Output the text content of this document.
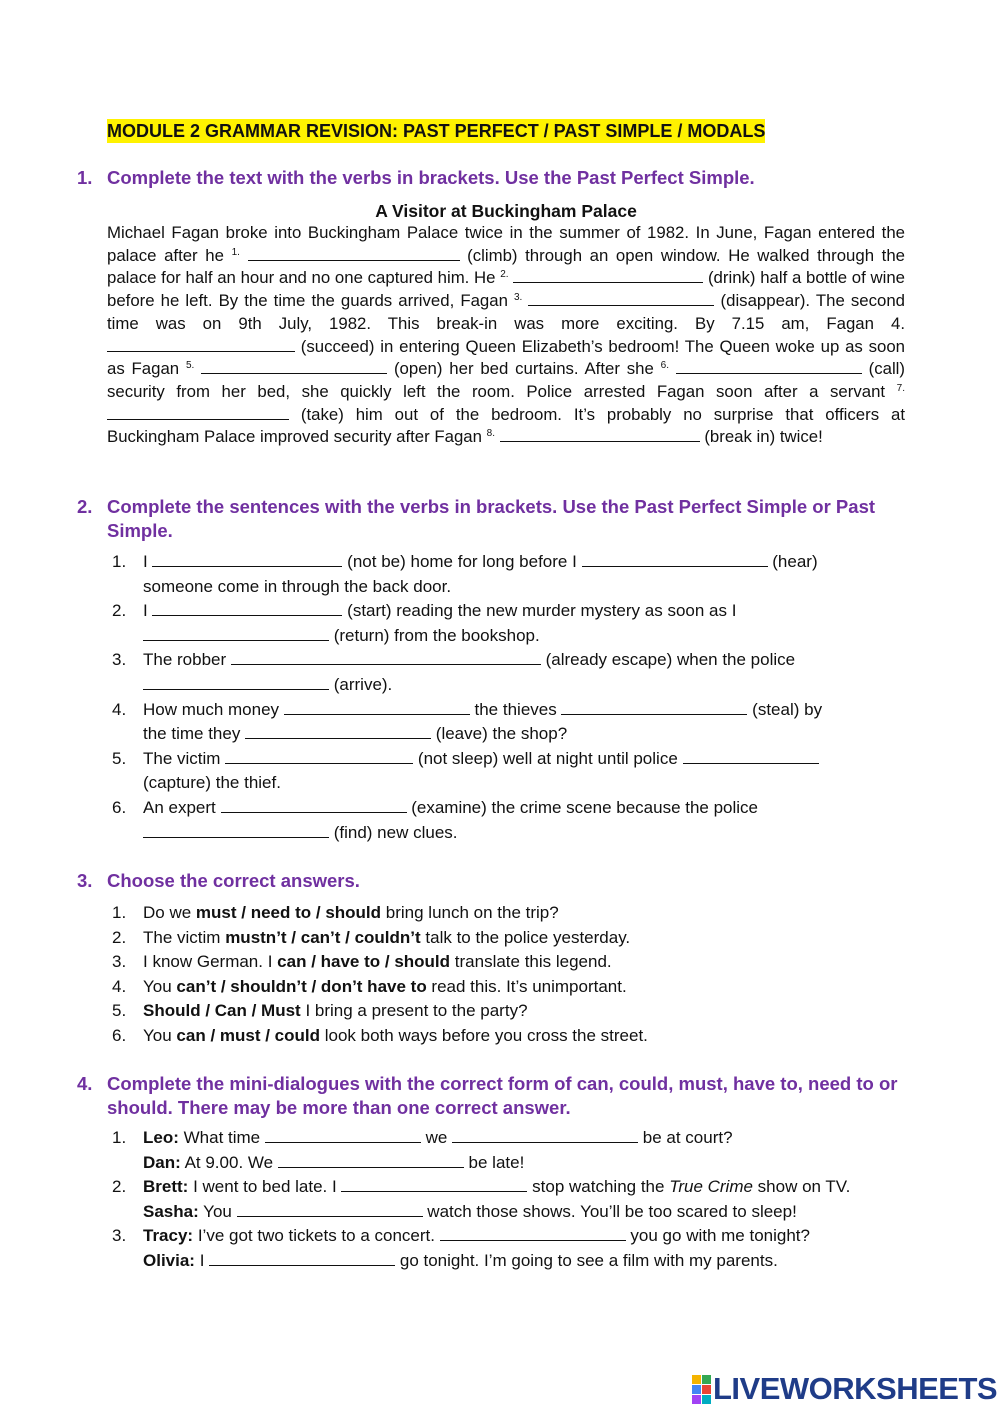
MODULE 2 GRAMMAR REVISION: PAST PERFECT / PAST SIMPLE / MODALS
1. Complete the text with the verbs in brackets. Use the Past Perfect Simple.
A Visitor at Buckingham Palace

Michael Fagan broke into Buckingham Palace twice in the summer of 1982. In June, Fagan entered the palace after he $^{1.}$	(climb) through an open window. He walked through the palace for half an hour and no one captured him. He $^{2.}$	(drink) half a bottle of wine before he left. By the time the guards arrived, Fagan $^{3.}$	(disappear). The second time was on 9th July, 1982. This break-in was more exciting. By 7.15 am, Fagan 4.  (succeed) in entering Queen Elizabeth’s bedroom! The Queen woke up as soon as Fagan $^{5.}$	(open) her bed curtains. After she $^{6.}$	(call) security from her bed, she quickly left the room. Police arrested Fagan soon after a servant $^{7.}$  (take) him out of the bedroom. It’s probably no surprise that officers at Buckingham Palace improved security after Fagan $^{8.}$	(break in) twice!

2. Complete the sentences with the verbs in brackets. Use the Past Perfect Simple or Past Simple.
1. I	(not be) home for long before I	(hear) someone come in through the back door.
2. I	(start) reading the new murder mystery as soon as I  (return) from the bookshop.
3. The robber	(already escape) when the police  (arrive).
4. How much money	the thieves	(steal) by the time they	(leave) the shop?
5. The victim	(not sleep) well at night until police  (capture) the thief.
6. An expert	(examine) the crime scene because the police  (find) new clues.
3. Choose the correct answers.
1. Do we must / need to / should bring lunch on the trip?
2. The victim mustn’t / can’t / couldn’t talk to the police yesterday.
3. I know German. I can / have to / should translate this legend.
4. You can’t / shouldn’t / don’t have to read this. It’s unimportant.
5. Should / Can / Must I bring a present to the party?
6. You can / must / could look both ways before you cross the street.
4. Complete the mini-dialogues with the correct form of can, could, must, have to, need to or should. There may be more than one correct answer.
1. Leo: What time	we	be at court?
Dan: At 9.00. We	be late!
2. Brett: I went to bed late. I	stop watching the True Crime show on TV.
Sasha: You	watch those shows. You’ll be too scared to sleep!
3. Tracy: I’ve got two tickets to a concert.	you go with me tonight?
Olivia: I	go tonight. I’m going to see a film with my parents.
LIVEWORKSHEETS
